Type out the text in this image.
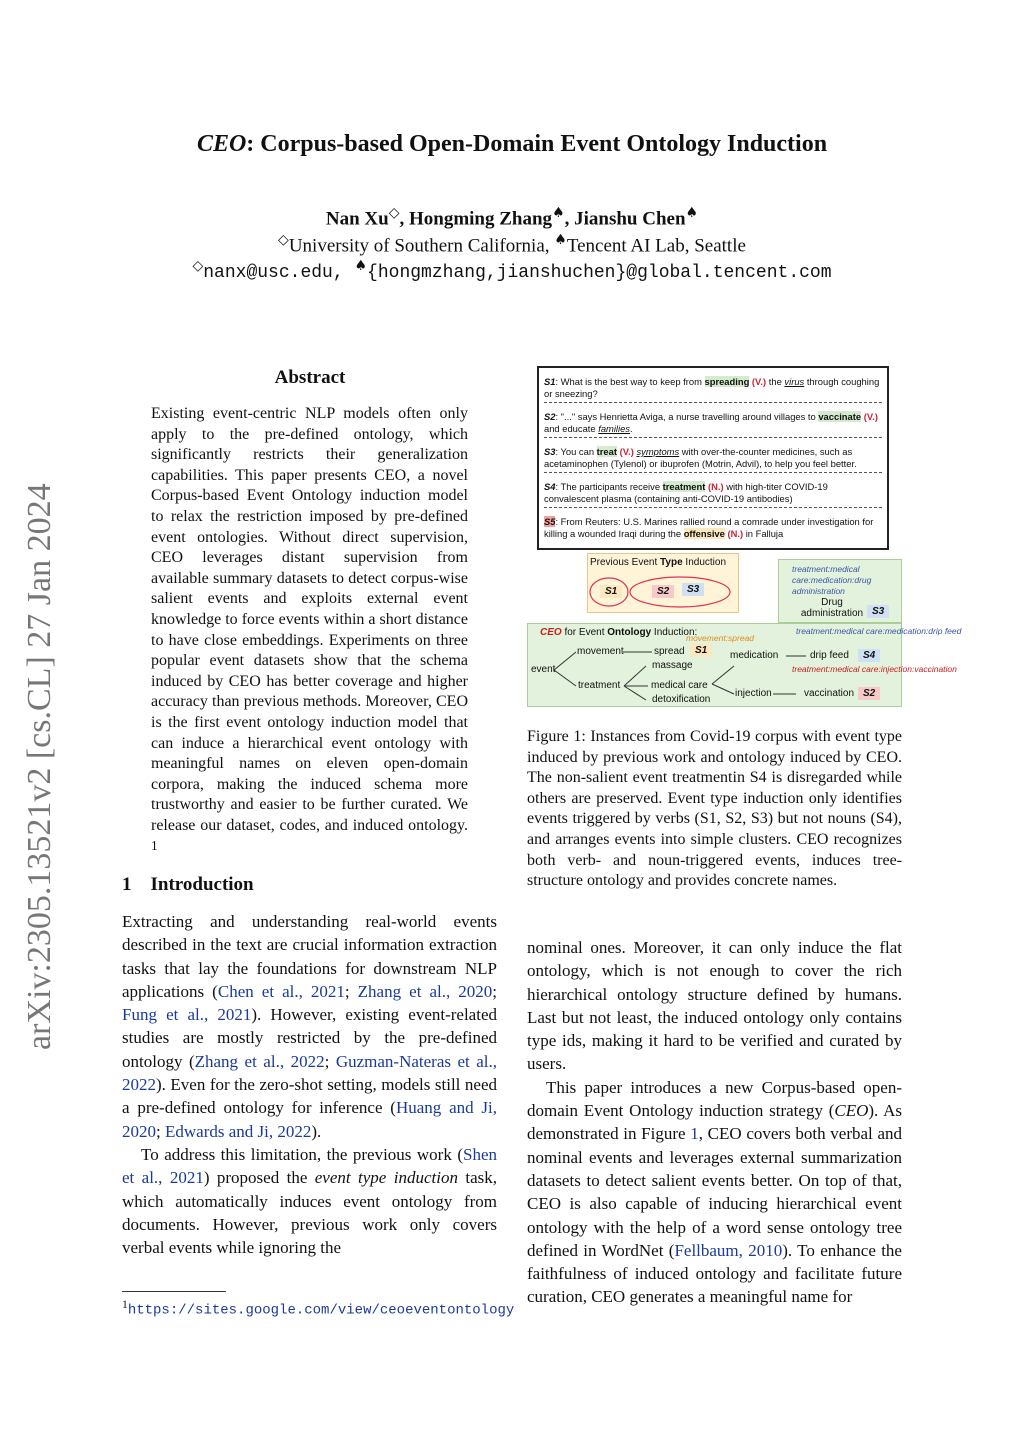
CEO: Corpus-based Open-Domain Event Ontology Induction
Nan Xu◇, Hongming Zhang♠, Jianshu Chen♠
◇University of Southern California, ♠Tencent AI Lab, Seattle
◇nanx@usc.edu, ♠{hongmzhang,jianshuchen}@global.tencent.com
arXiv:2305.13521v2 [cs.CL] 27 Jan 2024
Abstract
Existing event-centric NLP models often only apply to the pre-defined ontology, which significantly restricts their generalization capabilities. This paper presents CEO, a novel Corpus-based Event Ontology induction model to relax the restriction imposed by pre-defined event ontologies. Without direct supervision, CEO leverages distant supervision from available summary datasets to detect corpus-wise salient events and exploits external event knowledge to force events within a short distance to have close embeddings. Experiments on three popular event datasets show that the schema induced by CEO has better coverage and higher accuracy than previous methods. Moreover, CEO is the first event ontology induction model that can induce a hierarchical event ontology with meaningful names on eleven open-domain corpora, making the induced schema more trustworthy and easier to be further curated. We release our dataset, codes, and induced ontology. $^1$
1 Introduction
Extracting and understanding real-world events described in the text are crucial information extraction tasks that lay the foundations for downstream NLP applications (Chen et al., 2021; Zhang et al., 2020; Fung et al., 2021). However, existing event-related studies are mostly restricted by the pre-defined ontology (Zhang et al., 2022; Guzman-Nateras et al., 2022). Even for the zero-shot setting, models still need a pre-defined ontology for inference (Huang and Ji, 2020; Edwards and Ji, 2022).
To address this limitation, the previous work (Shen et al., 2021) proposed the event type induction task, which automatically induces event ontology from documents. However, previous work only covers verbal events while ignoring the
$^1$https://sites.google.com/view/ceoeventontology
S1: What is the best way to keep from spreading (V.) the virus through coughing or sneezing?
S2: "..." says Henrietta Aviga, a nurse travelling around villages to vaccinate (V.) and educate families.
S3: You can treat (V.) symptoms with over-the-counter medicines, such as acetaminophen (Tylenol) or ibuprofen (Motrin, Advil), to help you feel better.
S4: The participants receive treatment (N.) with high-titer COVID-19 convalescent plasma (containing anti-COVID-19 antibodies)
S5: From Reuters: U.S. Marines rallied round a comrade under investigation for killing a wounded Iraqi during the offensive (N.) in Falluja
Previous Event Type Induction
S1	S2	S3
treatment:medical care:medication:drug administration
Drug administration S3
CEO for Event Ontology Induction:
event
movement
treatment
movement:spread
spread	S1
massage
medical care
detoxification
medication
injection
treatment:medical care:medication:drip feed
drip feed	S4
treatment:medical care:injection:vaccination
vaccination S2
Figure 1: Instances from Covid-19 corpus with event type induced by previous work and ontology induced by CEO. The non-salient event treatmentin S4 is disregarded while others are preserved. Event type induction only identifies events triggered by verbs (S1, S2, S3) but not nouns (S4), and arranges events into simple clusters. CEO recognizes both verb- and noun-triggered events, induces tree-structure ontology and provides concrete names.
nominal ones. Moreover, it can only induce the flat ontology, which is not enough to cover the rich hierarchical ontology structure defined by humans. Last but not least, the induced ontology only contains type ids, making it hard to be verified and curated by users.
This paper introduces a new Corpus-based open-domain Event Ontology induction strategy (CEO). As demonstrated in Figure 1, CEO covers both verbal and nominal events and leverages external summarization datasets to detect salient events better. On top of that, CEO is also capable of inducing hierarchical event ontology with the help of a word sense ontology tree defined in WordNet (Fellbaum, 2010). To enhance the faithfulness of induced ontology and facilitate future curation, CEO generates a meaningful name for
